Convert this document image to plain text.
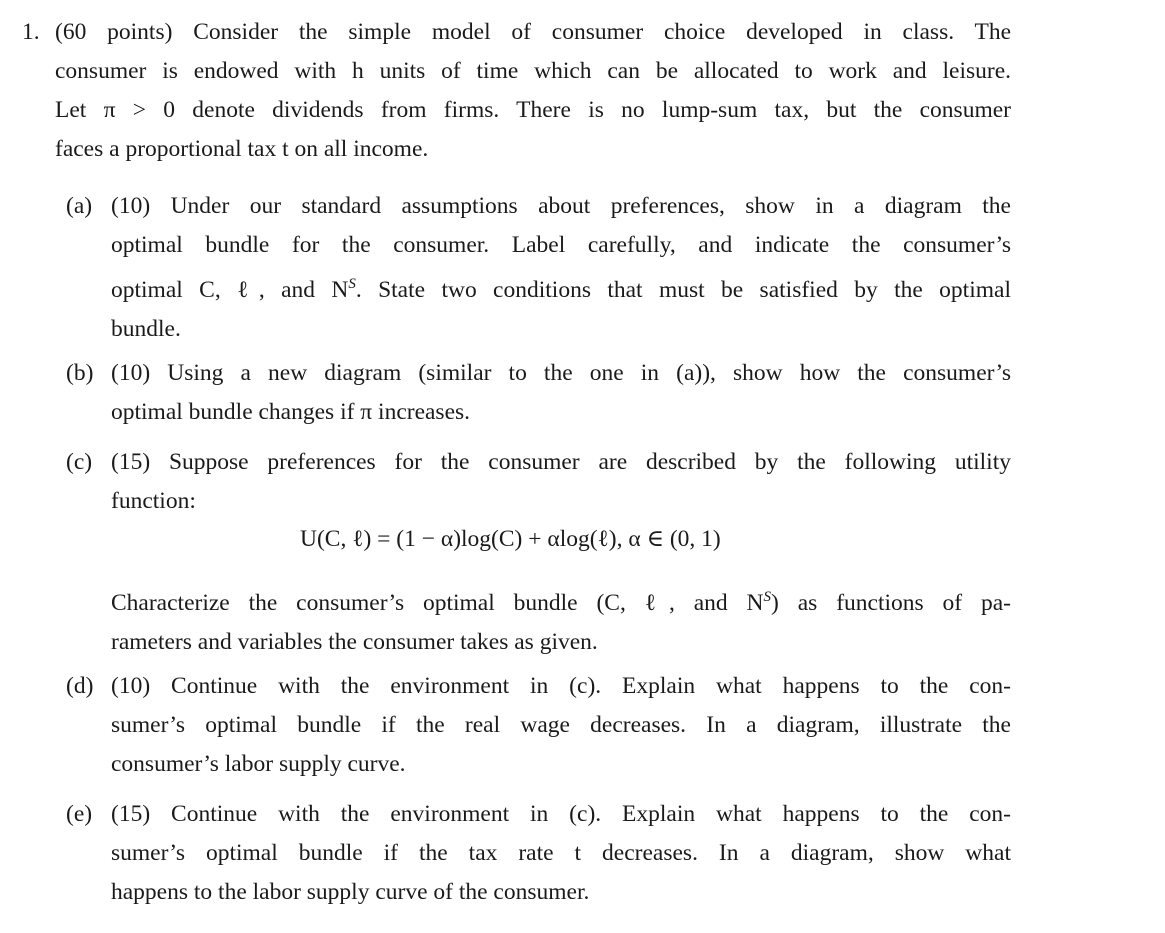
1. (60 points) Consider the simple model of consumer choice developed in class. The
consumer is endowed with h units of time which can be allocated to work and leisure.
Let π > 0 denote dividends from firms. There is no lump-sum tax, but the consumer
faces a proportional tax t on all income.
(a) (10) Under our standard assumptions about preferences, show in a diagram the
optimal bundle for the consumer. Label carefully, and indicate the consumer’s
optimal C, ℓ, and $N^S$. State two conditions that must be satisfied by the optimal
bundle.
(b) (10) Using a new diagram (similar to the one in (a)), show how the consumer’s
optimal bundle changes if π increases.
(c) (15) Suppose preferences for the consumer are described by the following utility
function:
U(C, ℓ) = (1 − α)log(C) + αlog(ℓ), α ∈ (0, 1)
Characterize the consumer’s optimal bundle (C, ℓ, and $N^S$) as functions of pa-
rameters and variables the consumer takes as given.
(d) (10) Continue with the environment in (c). Explain what happens to the con-
sumer’s optimal bundle if the real wage decreases. In a diagram, illustrate the
consumer’s labor supply curve.
(e) (15) Continue with the environment in (c). Explain what happens to the con-
sumer’s optimal bundle if the tax rate t decreases. In a diagram, show what
happens to the labor supply curve of the consumer.
